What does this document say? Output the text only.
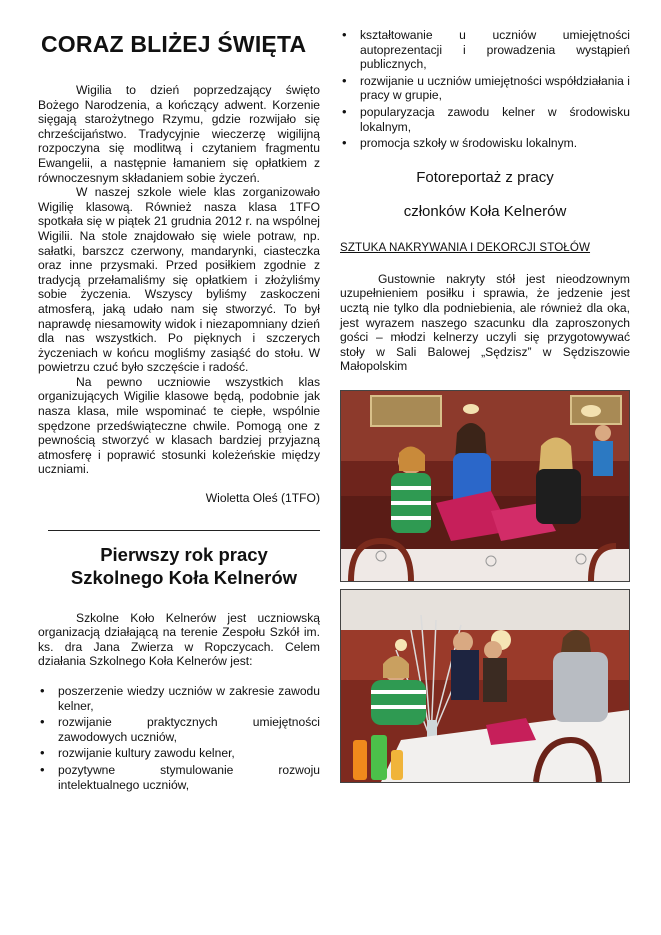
CORAZ BLIŻEJ ŚWIĘTA

Wigilia to dzień poprzedzający święto Bożego Narodzenia, a kończący adwent. Korzenie sięgają starożytnego Rzymu, gdzie rozwijało się chrześcijaństwo. Tradycyjnie wieczerzę wigilijną rozpoczyna się modlitwą i czytaniem fragmentu Ewangelii, a następnie łamaniem się opłatkiem z równoczesnym składaniem sobie życzeń.

W naszej szkole wiele klas zorganizowało Wigilię klasową. Również nasza klasa 1TFO spotkała się w piątek 21 grudnia 2012 r. na wspólnej Wigilii. Na stole znajdowało się wiele potraw, np. sałatki, barszcz czerwony, mandarynki, ciasteczka oraz inne przysmaki. Przed posiłkiem zgodnie z tradycją przełamaliśmy się opłatkiem i złożyliśmy sobie życzenia. Wszyscy byliśmy zaskoczeni atmosferą, jaką udało nam się stworzyć. To był naprawdę niesamowity widok i niezapomniany dzień dla nas wszystkich. Po pięknych i szczerych życzeniach w końcu mogliśmy zasiąść do stołu. W powietrzu czuć było szczęście i radość.

Na pewno uczniowie wszystkich klas organizujących Wigilie klasowe będą, podobnie jak nasza klasa, mile wspominać te ciepłe, wspólnie spędzone przedświąteczne chwile. Pomogą one z pewnością stworzyć w klasach bardziej przyjazną atmosferę i poprawić stosunki koleżeńskie między uczniami.

Wioletta Oleś (1TFO)
Pierwszy rok pracy
Szkolnego Koła Kelnerów

Szkolne Koło Kelnerów jest uczniowską organizacją działającą na terenie Zespołu Szkół im. ks. dra Jana Zwierza w Ropczycach. Celem działania Szkolnego Koła Kelnerów jest:

• poszerzenie wiedzy uczniów w zakresie zawodu kelner,
• rozwijanie praktycznych umiejętności zawodowych uczniów,
• rozwijanie kultury zawodu kelner,
• pozytywne stymulowanie rozwoju intelektualnego uczniów,
• kształtowanie u uczniów umiejętności autoprezentacji i prowadzenia wystąpień publicznych,
• rozwijanie u uczniów umiejętności współdziałania i pracy w grupie,
• popularyzacja zawodu kelner w środowisku lokalnym,
• promocja szkoły w środowisku lokalnym.
Fotoreportaż z pracy
członków Koła Kelnerów
SZTUKA NAKRYWANIA I DEKORCJI STOŁÓW

Gustownie nakryty stół jest nieodzownym uzupełnieniem posiłku i sprawia, że jedzenie jest ucztą nie tylko dla podniebienia, ale również dla oka, jest wyrazem naszego szacunku dla zaproszonych gości – młodzi kelnerzy uczyli się przygotowywać stoły w Sali Balowej „Sędzisz” w Sędziszowie Małopolskim
